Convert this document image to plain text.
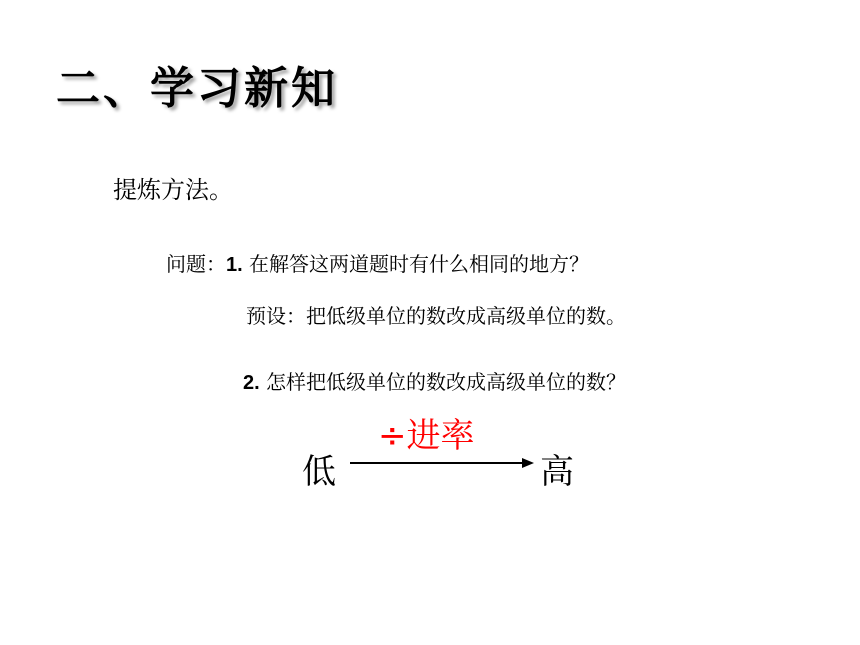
二、学习新知
提炼方法。
问题：1. 在解答这两道题时有什么相同的地方？
预设：把低级单位的数改成高级单位的数。
2. 怎样把低级单位的数改成高级单位的数？
÷进率
低	高
